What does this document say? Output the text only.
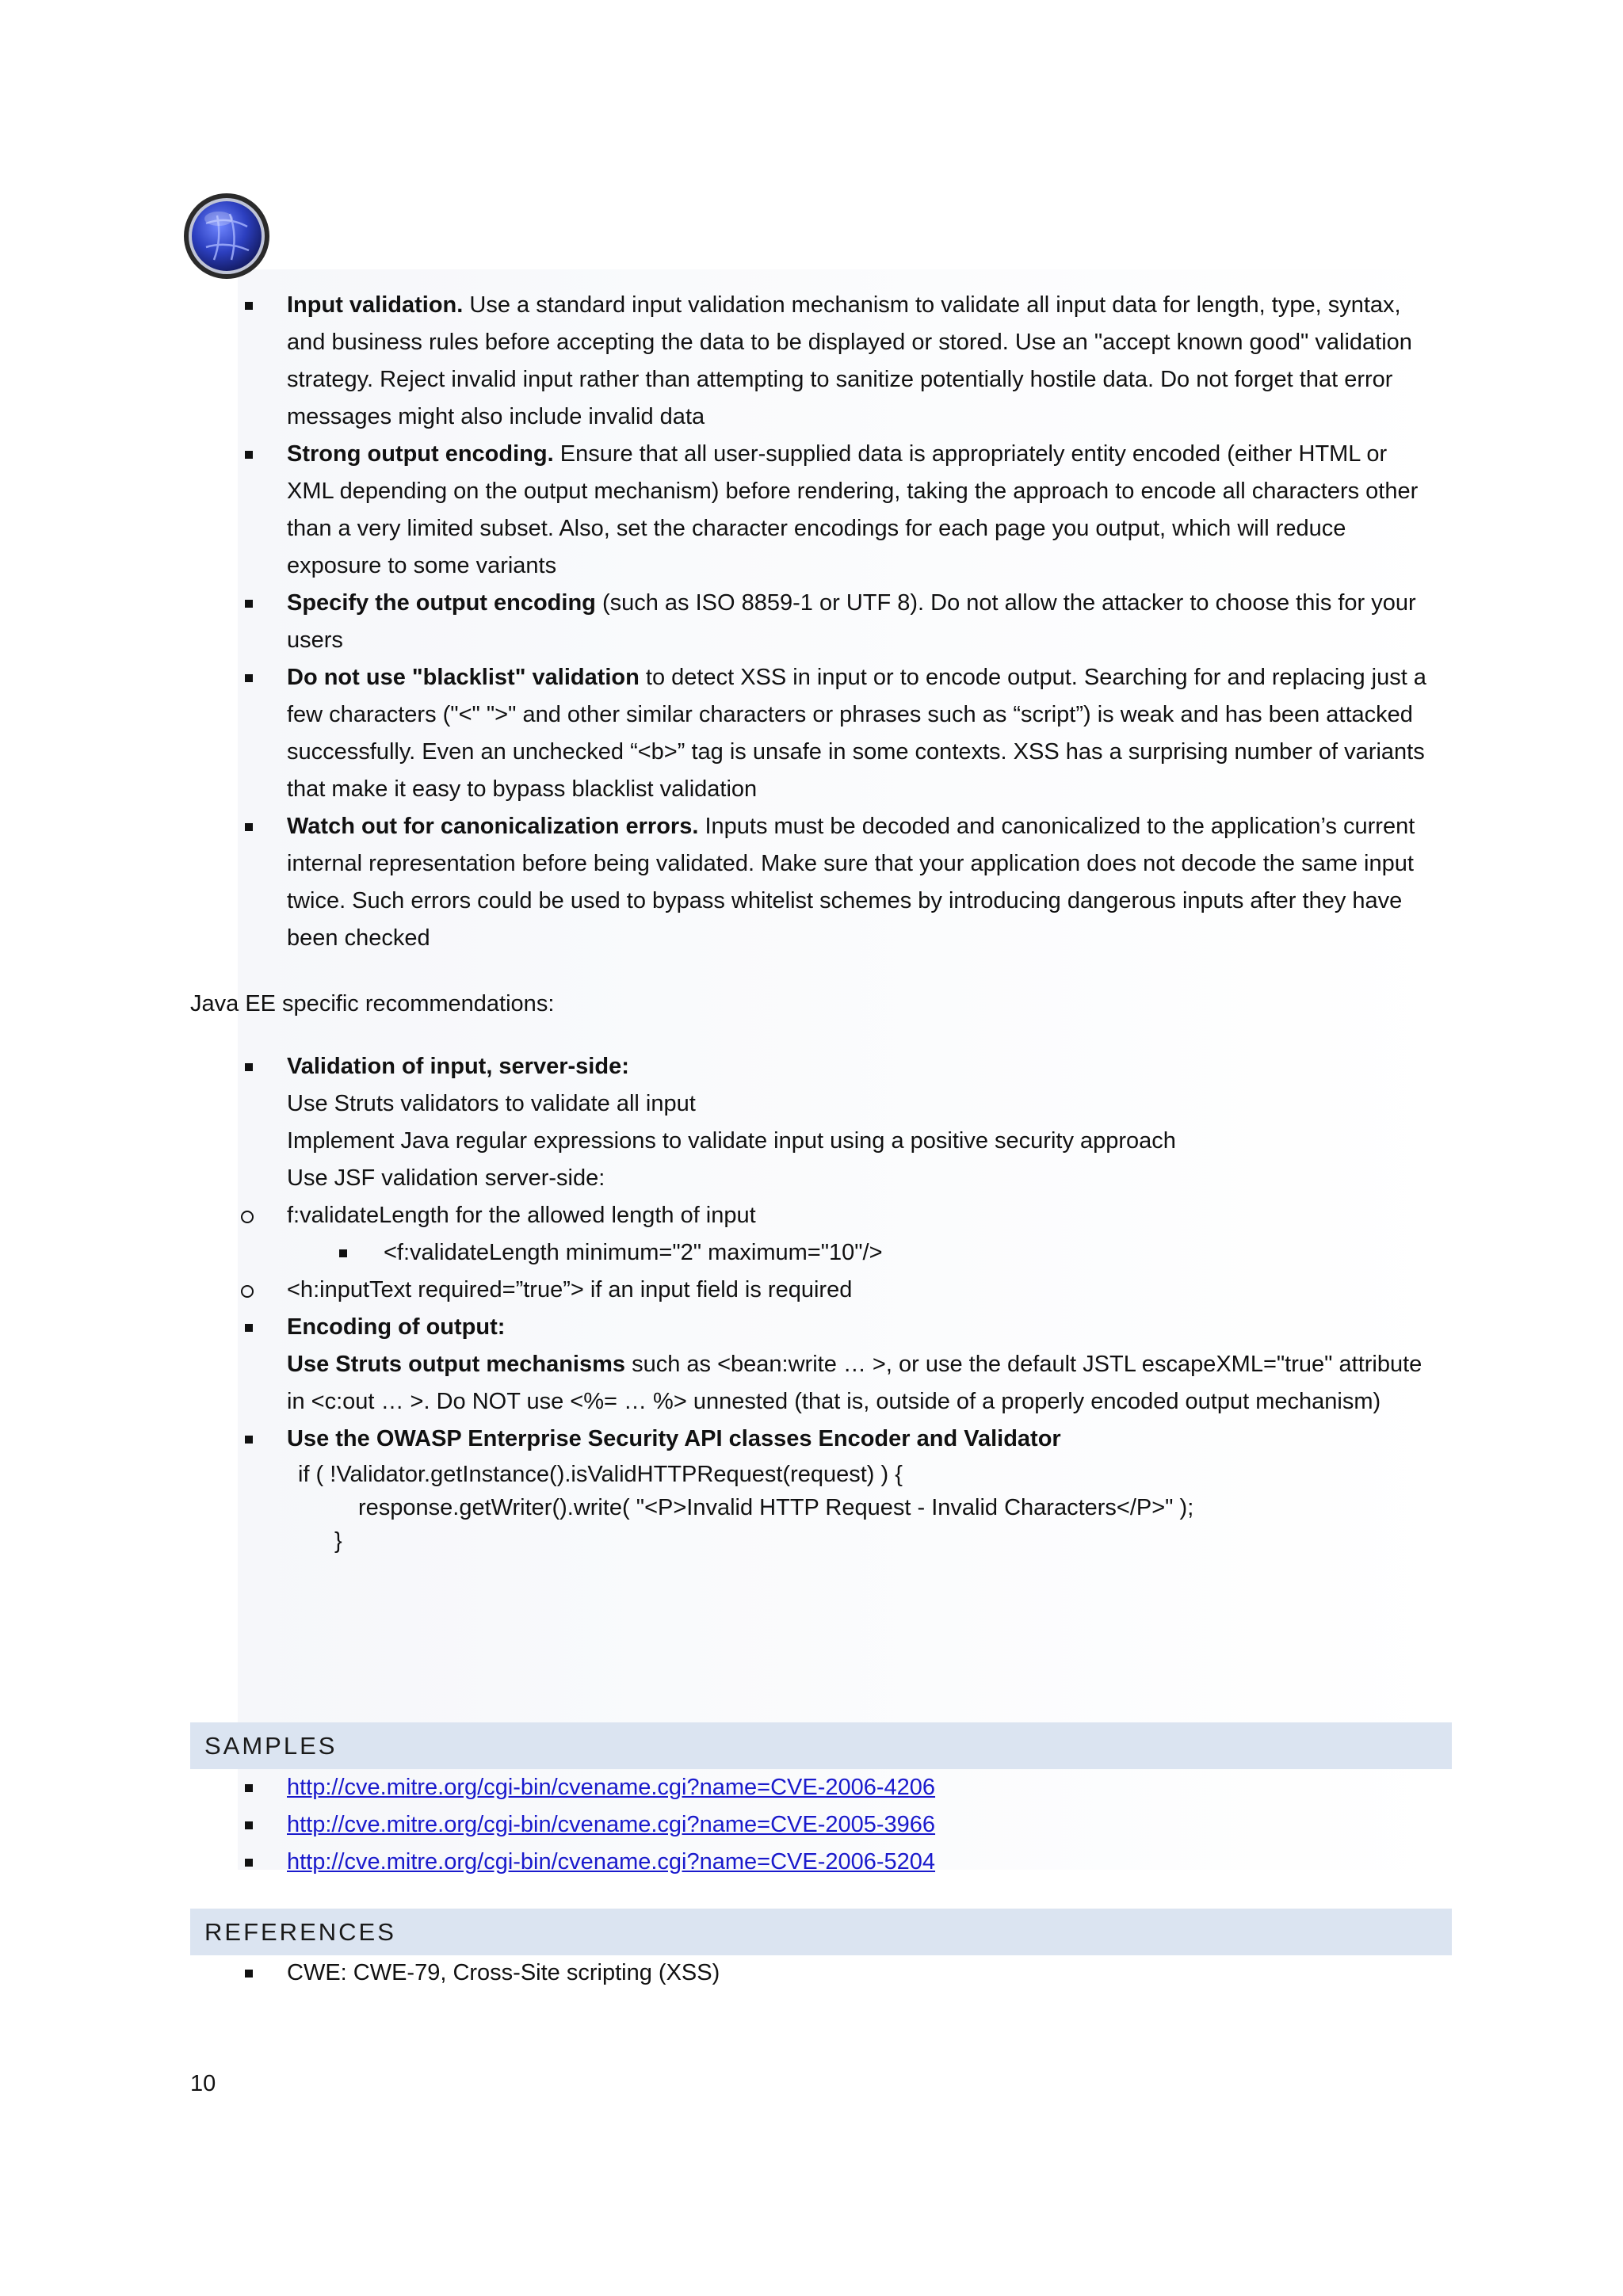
Input validation. Use a standard input validation mechanism to validate all input data for length, type, syntax, and business rules before accepting the data to be displayed or stored. Use an "accept known good" validation strategy. Reject invalid input rather than attempting to sanitize potentially hostile data. Do not forget that error messages might also include invalid data
Strong output encoding. Ensure that all user-supplied data is appropriately entity encoded (either HTML or XML depending on the output mechanism) before rendering, taking the approach to encode all characters other than a very limited subset. Also, set the character encodings for each page you output, which will reduce exposure to some variants
Specify the output encoding (such as ISO 8859-1 or UTF 8). Do not allow the attacker to choose this for your users
Do not use "blacklist" validation to detect XSS in input or to encode output. Searching for and replacing just a few characters ("<" ">" and other similar characters or phrases such as “script”) is weak and has been attacked successfully. Even an unchecked “<b>” tag is unsafe in some contexts. XSS has a surprising number of variants that make it easy to bypass blacklist validation
Watch out for canonicalization errors. Inputs must be decoded and canonicalized to the application’s current internal representation before being validated. Make sure that your application does not decode the same input twice. Such errors could be used to bypass whitelist schemes by introducing dangerous inputs after they have been checked
Java EE specific recommendations:
Validation of input, server-side:
Use Struts validators to validate all input
Implement Java regular expressions to validate input using a positive security approach
Use JSF validation server-side:
f:validateLength for the allowed length of input
<f:validateLength minimum="2" maximum="10"/>
<h:inputText required=”true”> if an input field is required
Encoding of output:
Use Struts output mechanisms such as <bean:write … >, or use the default JSTL escapeXML="true" attribute in <c:out … >. Do NOT use <%= … %> unnested (that is, outside of a properly encoded output mechanism)
Use the OWASP Enterprise Security API classes Encoder and Validator
if ( !Validator.getInstance().isValidHTTPRequest(request) ) {
response.getWriter().write( "<P>Invalid HTTP Request - Invalid Characters</P>" );
}
SAMPLES
http://cve.mitre.org/cgi-bin/cvename.cgi?name=CVE-2006-4206
http://cve.mitre.org/cgi-bin/cvename.cgi?name=CVE-2005-3966
http://cve.mitre.org/cgi-bin/cvename.cgi?name=CVE-2006-5204
REFERENCES
CWE: CWE-79, Cross-Site scripting (XSS)
10
